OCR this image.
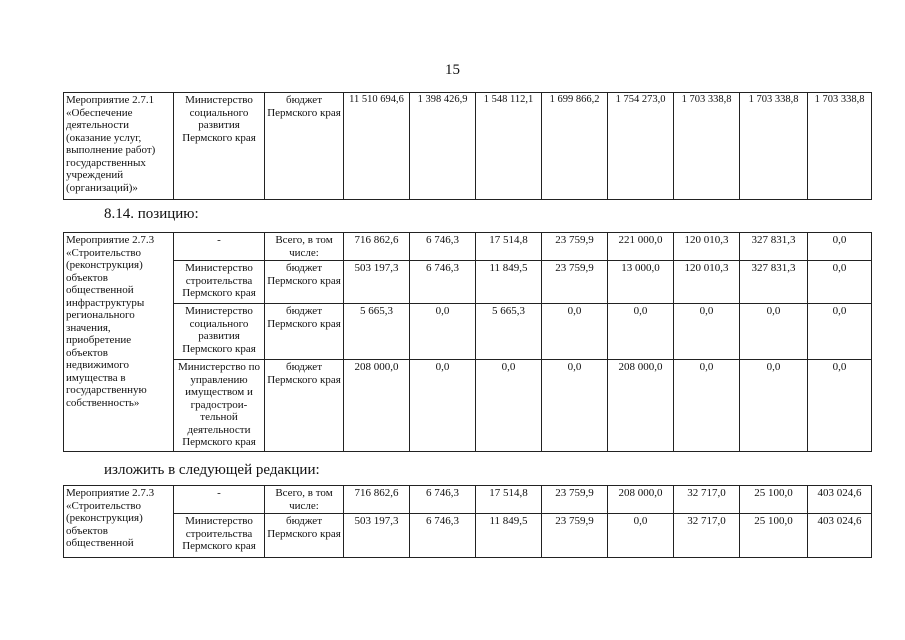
15
Мероприятие 2.7.1 «Обеспечение деятельности (оказание услуг, выполнение работ) государственных учреждений (организаций)»	Министерство социального развития Пермского края	бюджет Пермского края	11 510 694,6	1 398 426,9	1 548 112,1	1 699 866,2	1 754 273,0	1 703 338,8	1 703 338,8	1 703 338,8
8.14. позицию:
Мероприятие 2.7.3 «Строительство (реконструкция) объектов общественной инфраструктуры регионального значения, приобретение объектов недвижимого имущества в государственную собственность»	-	Всего, в том числе:	716 862,6	6 746,3	17 514,8	23 759,9	221 000,0	120 010,3	327 831,3	0,0
	Министерство строительства Пермского края	бюджет Пермского края	503 197,3	6 746,3	11 849,5	23 759,9	13 000,0	120 010,3	327 831,3	0,0
	Министерство социального развития Пермского края	бюджет Пермского края	5 665,3	0,0	5 665,3	0,0	0,0	0,0	0,0	0,0
	Министерство по управлению имуществом и градострои-тельной деятельности Пермского края	бюджет Пермского края	208 000,0	0,0	0,0	0,0	208 000,0	0,0	0,0	0,0
изложить в следующей редакции:
Мероприятие 2.7.3 «Строительство (реконструкция) объектов общественной	-	Всего, в том числе:	716 862,6	6 746,3	17 514,8	23 759,9	208 000,0	32 717,0	25 100,0	403 024,6
	Министерство строительства Пермского края	бюджет Пермского края	503 197,3	6 746,3	11 849,5	23 759,9	0,0	32 717,0	25 100,0	403 024,6
